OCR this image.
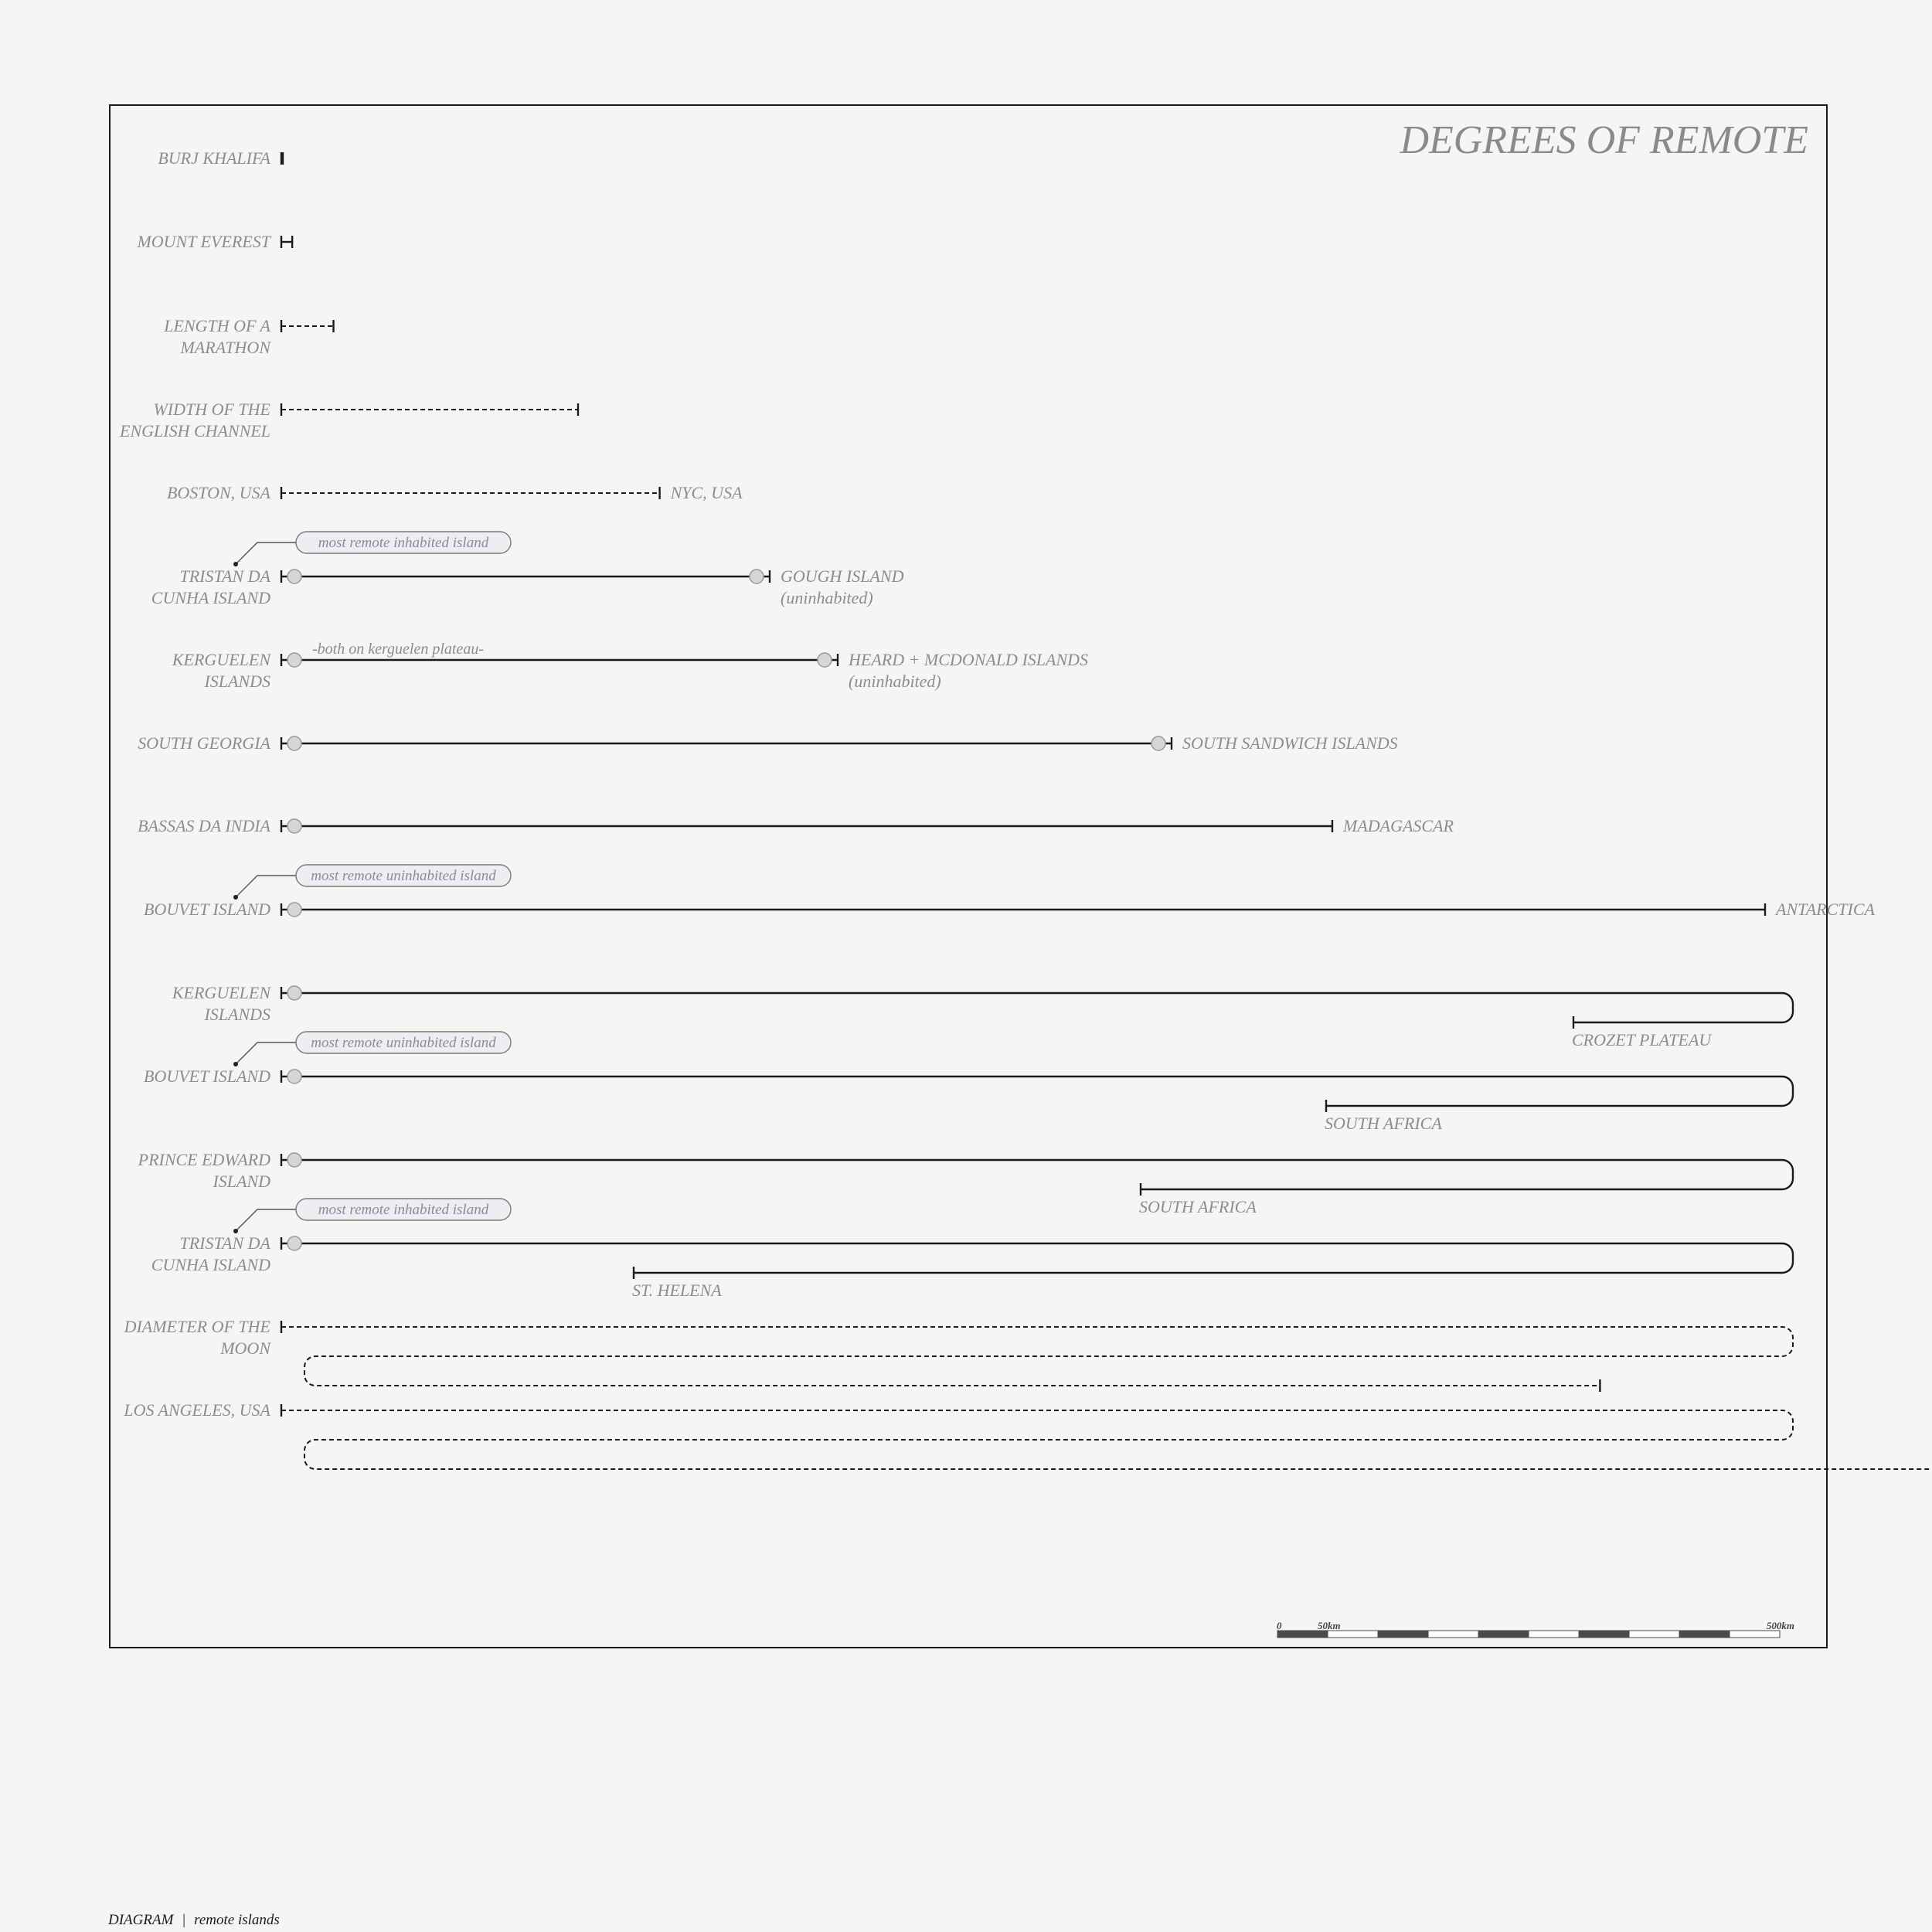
DEGREES OF REMOTE
BURJ KHALIFA
MOUNT EVEREST
LENGTH OF A MARATHON
WIDTH OF THE ENGLISH CHANNEL
BOSTON, USA	NYC, USA
TRISTAN DA CUNHA ISLAND
GOUGH ISLAND (uninhabited)
most remote inhabited island
KERGUELEN ISLANDS
HEARD + MCDONALD ISLANDS (uninhabited)
-both on kerguelen plateau-
SOUTH GEORGIA	SOUTH SANDWICH ISLANDS
BASSAS DA INDIA	MADAGASCAR
BOUVET ISLAND	ANTARCTICA
most remote uninhabited island
KERGUELEN ISLANDS
CROZET PLATEAU
BOUVET ISLAND
SOUTH AFRICA
most remote uninhabited island
PRINCE EDWARD ISLAND
SOUTH AFRICA
TRISTAN DA CUNHA ISLAND
ST. HELENA
most remote inhabited island
DIAMETER OF THE MOON
LOS ANGELES, USA
0	50km	500km
DIAGRAM | remote islands
